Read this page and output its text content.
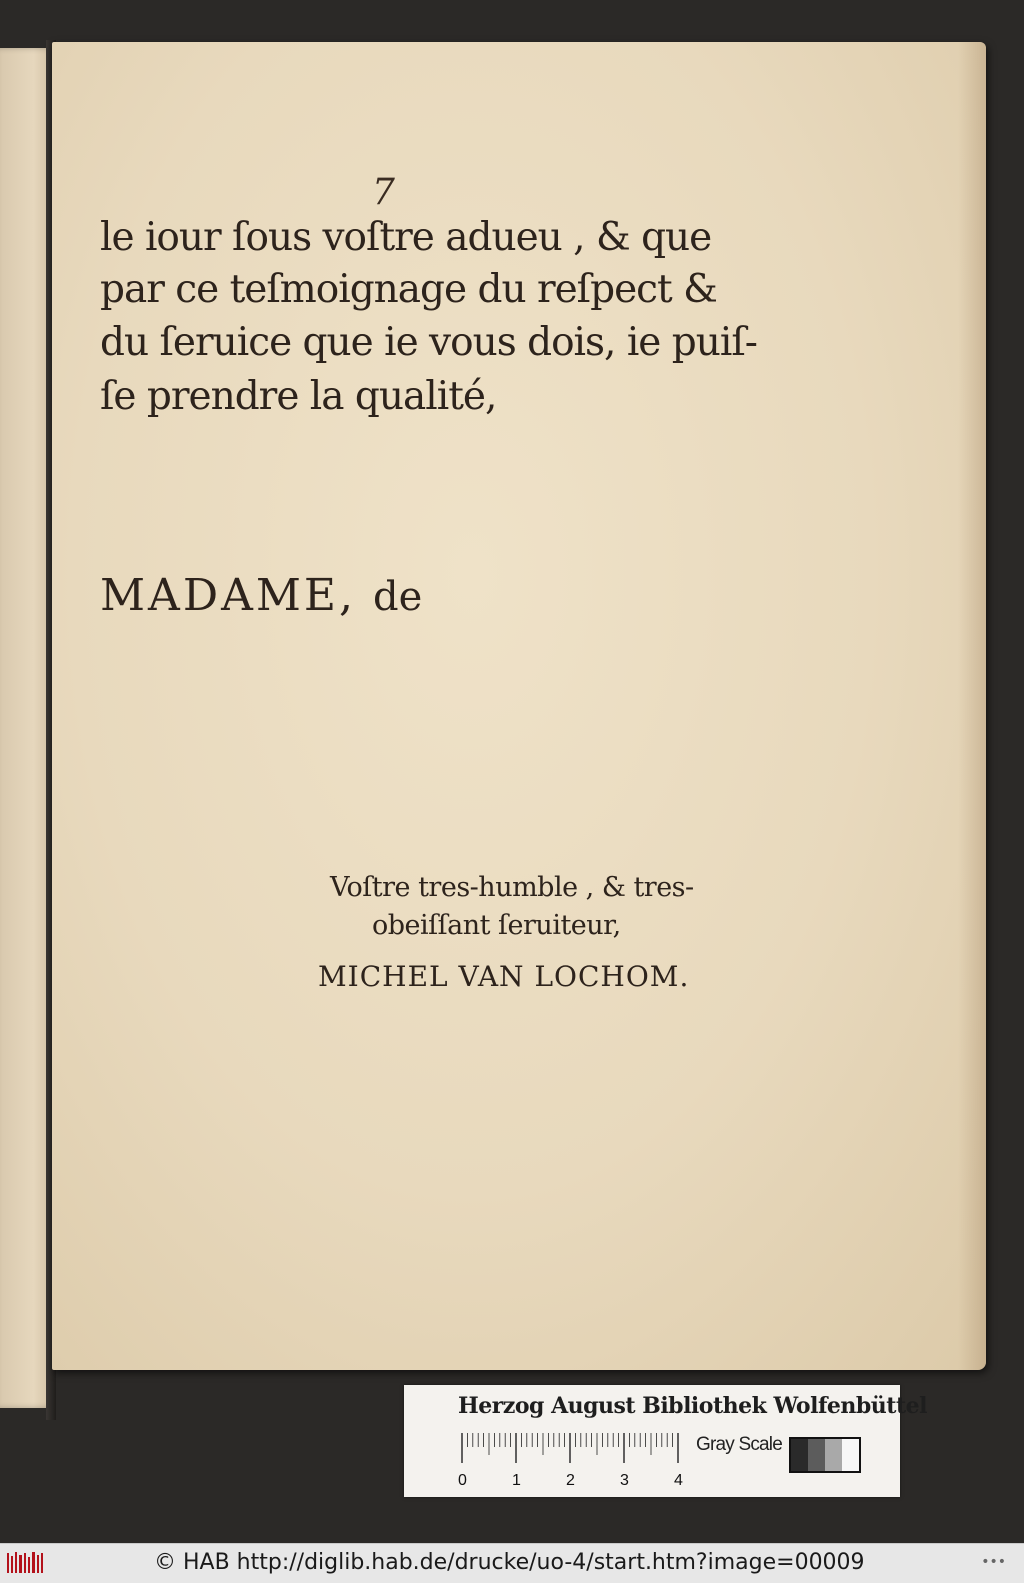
7
le iour ſous voſtre adueu , & que
par ce teſmoignage du reſpect &
du ſeruice que ie vous dois, ie puiſ-
ſe prendre la qualité,
MADAME, de
Voſtre tres-humble , & tres-
obeiſſant ſeruiteur,
MICHEL VAN LOCHOM.
Herzog August Bibliothek Wolfenbüttel
0	1	2	3	4
Gray Scale
© HAB http://diglib.hab.de/drucke/uo-4/start.htm?image=00009	•••
